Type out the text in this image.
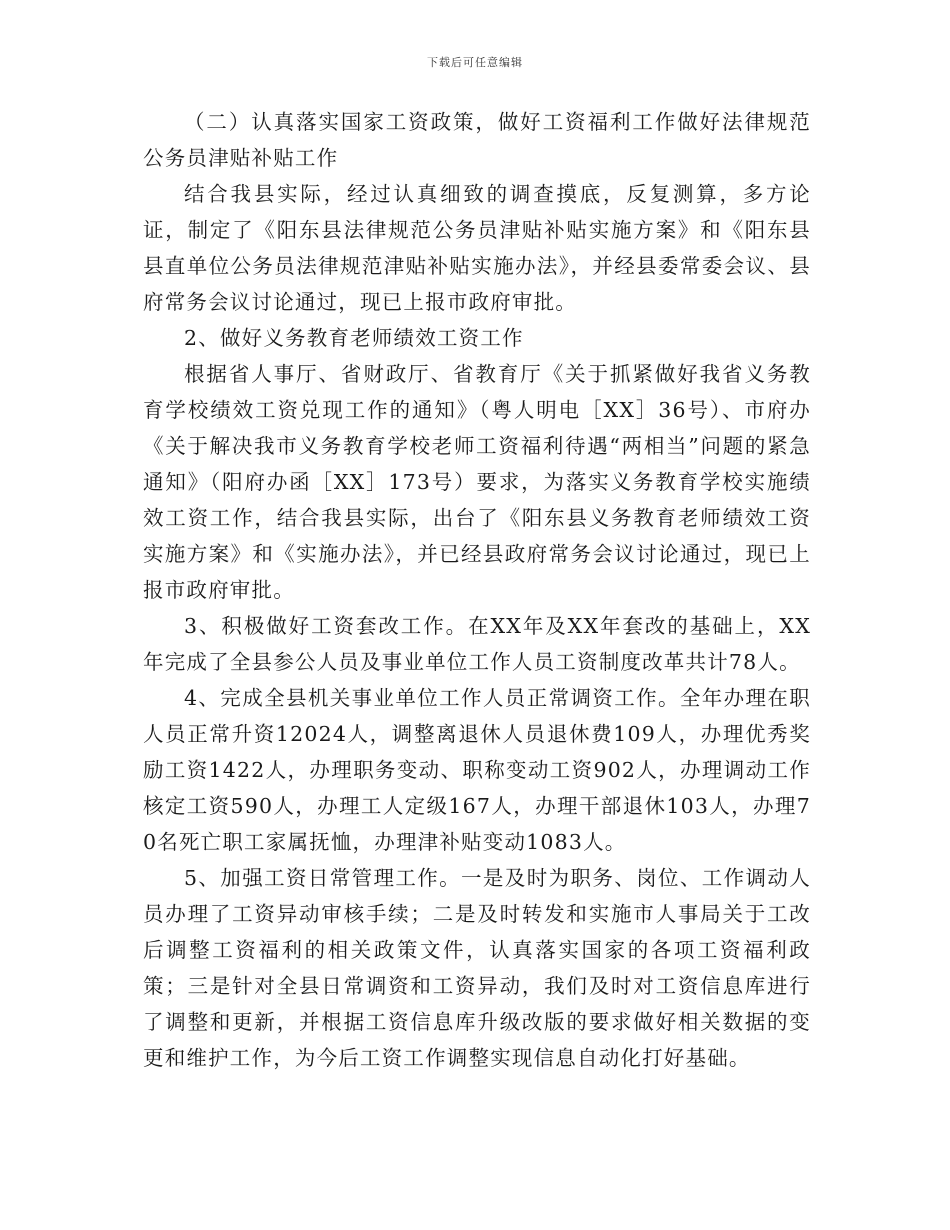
下载后可任意编辑

（二）认真落实国家工资政策，做好工资福利工作做好法律规范公务员津贴补贴工作

结合我县实际，经过认真细致的调查摸底，反复测算，多方论证，制定了《阳东县法律规范公务员津贴补贴实施方案》和《阳东县县直单位公务员法律规范津贴补贴实施办法》，并经县委常委会议、县府常务会议讨论通过，现已上报市政府审批。

2、做好义务教育老师绩效工资工作

根据省人事厅、省财政厅、省教育厅《关于抓紧做好我省义务教育学校绩效工资兑现工作的通知》（粤人明电［XX］36号）、市府办《关于解决我市义务教育学校老师工资福利待遇“两相当”问题的紧急通知》（阳府办函［XX］173号）要求，为落实义务教育学校实施绩效工资工作，结合我县实际，出台了《阳东县义务教育老师绩效工资实施方案》和《实施办法》，并已经县政府常务会议讨论通过，现已上报市政府审批。

3、积极做好工资套改工作。在XX年及XX年套改的基础上，XX年完成了全县参公人员及事业单位工作人员工资制度改革共计78人。

4、完成全县机关事业单位工作人员正常调资工作。全年办理在职人员正常升资12024人，调整离退休人员退休费109人，办理优秀奖励工资1422人，办理职务变动、职称变动工资902人，办理调动工作核定工资590人，办理工人定级167人，办理干部退休103人，办理70名死亡职工家属抚恤，办理津补贴变动1083人。

5、加强工资日常管理工作。一是及时为职务、岗位、工作调动人员办理了工资异动审核手续；二是及时转发和实施市人事局关于工改后调整工资福利的相关政策文件，认真落实国家的各项工资福利政策；三是针对全县日常调资和工资异动，我们及时对工资信息库进行了调整和更新，并根据工资信息库升级改版的要求做好相关数据的变更和维护工作，为今后工资工作调整实现信息自动化打好基础。
